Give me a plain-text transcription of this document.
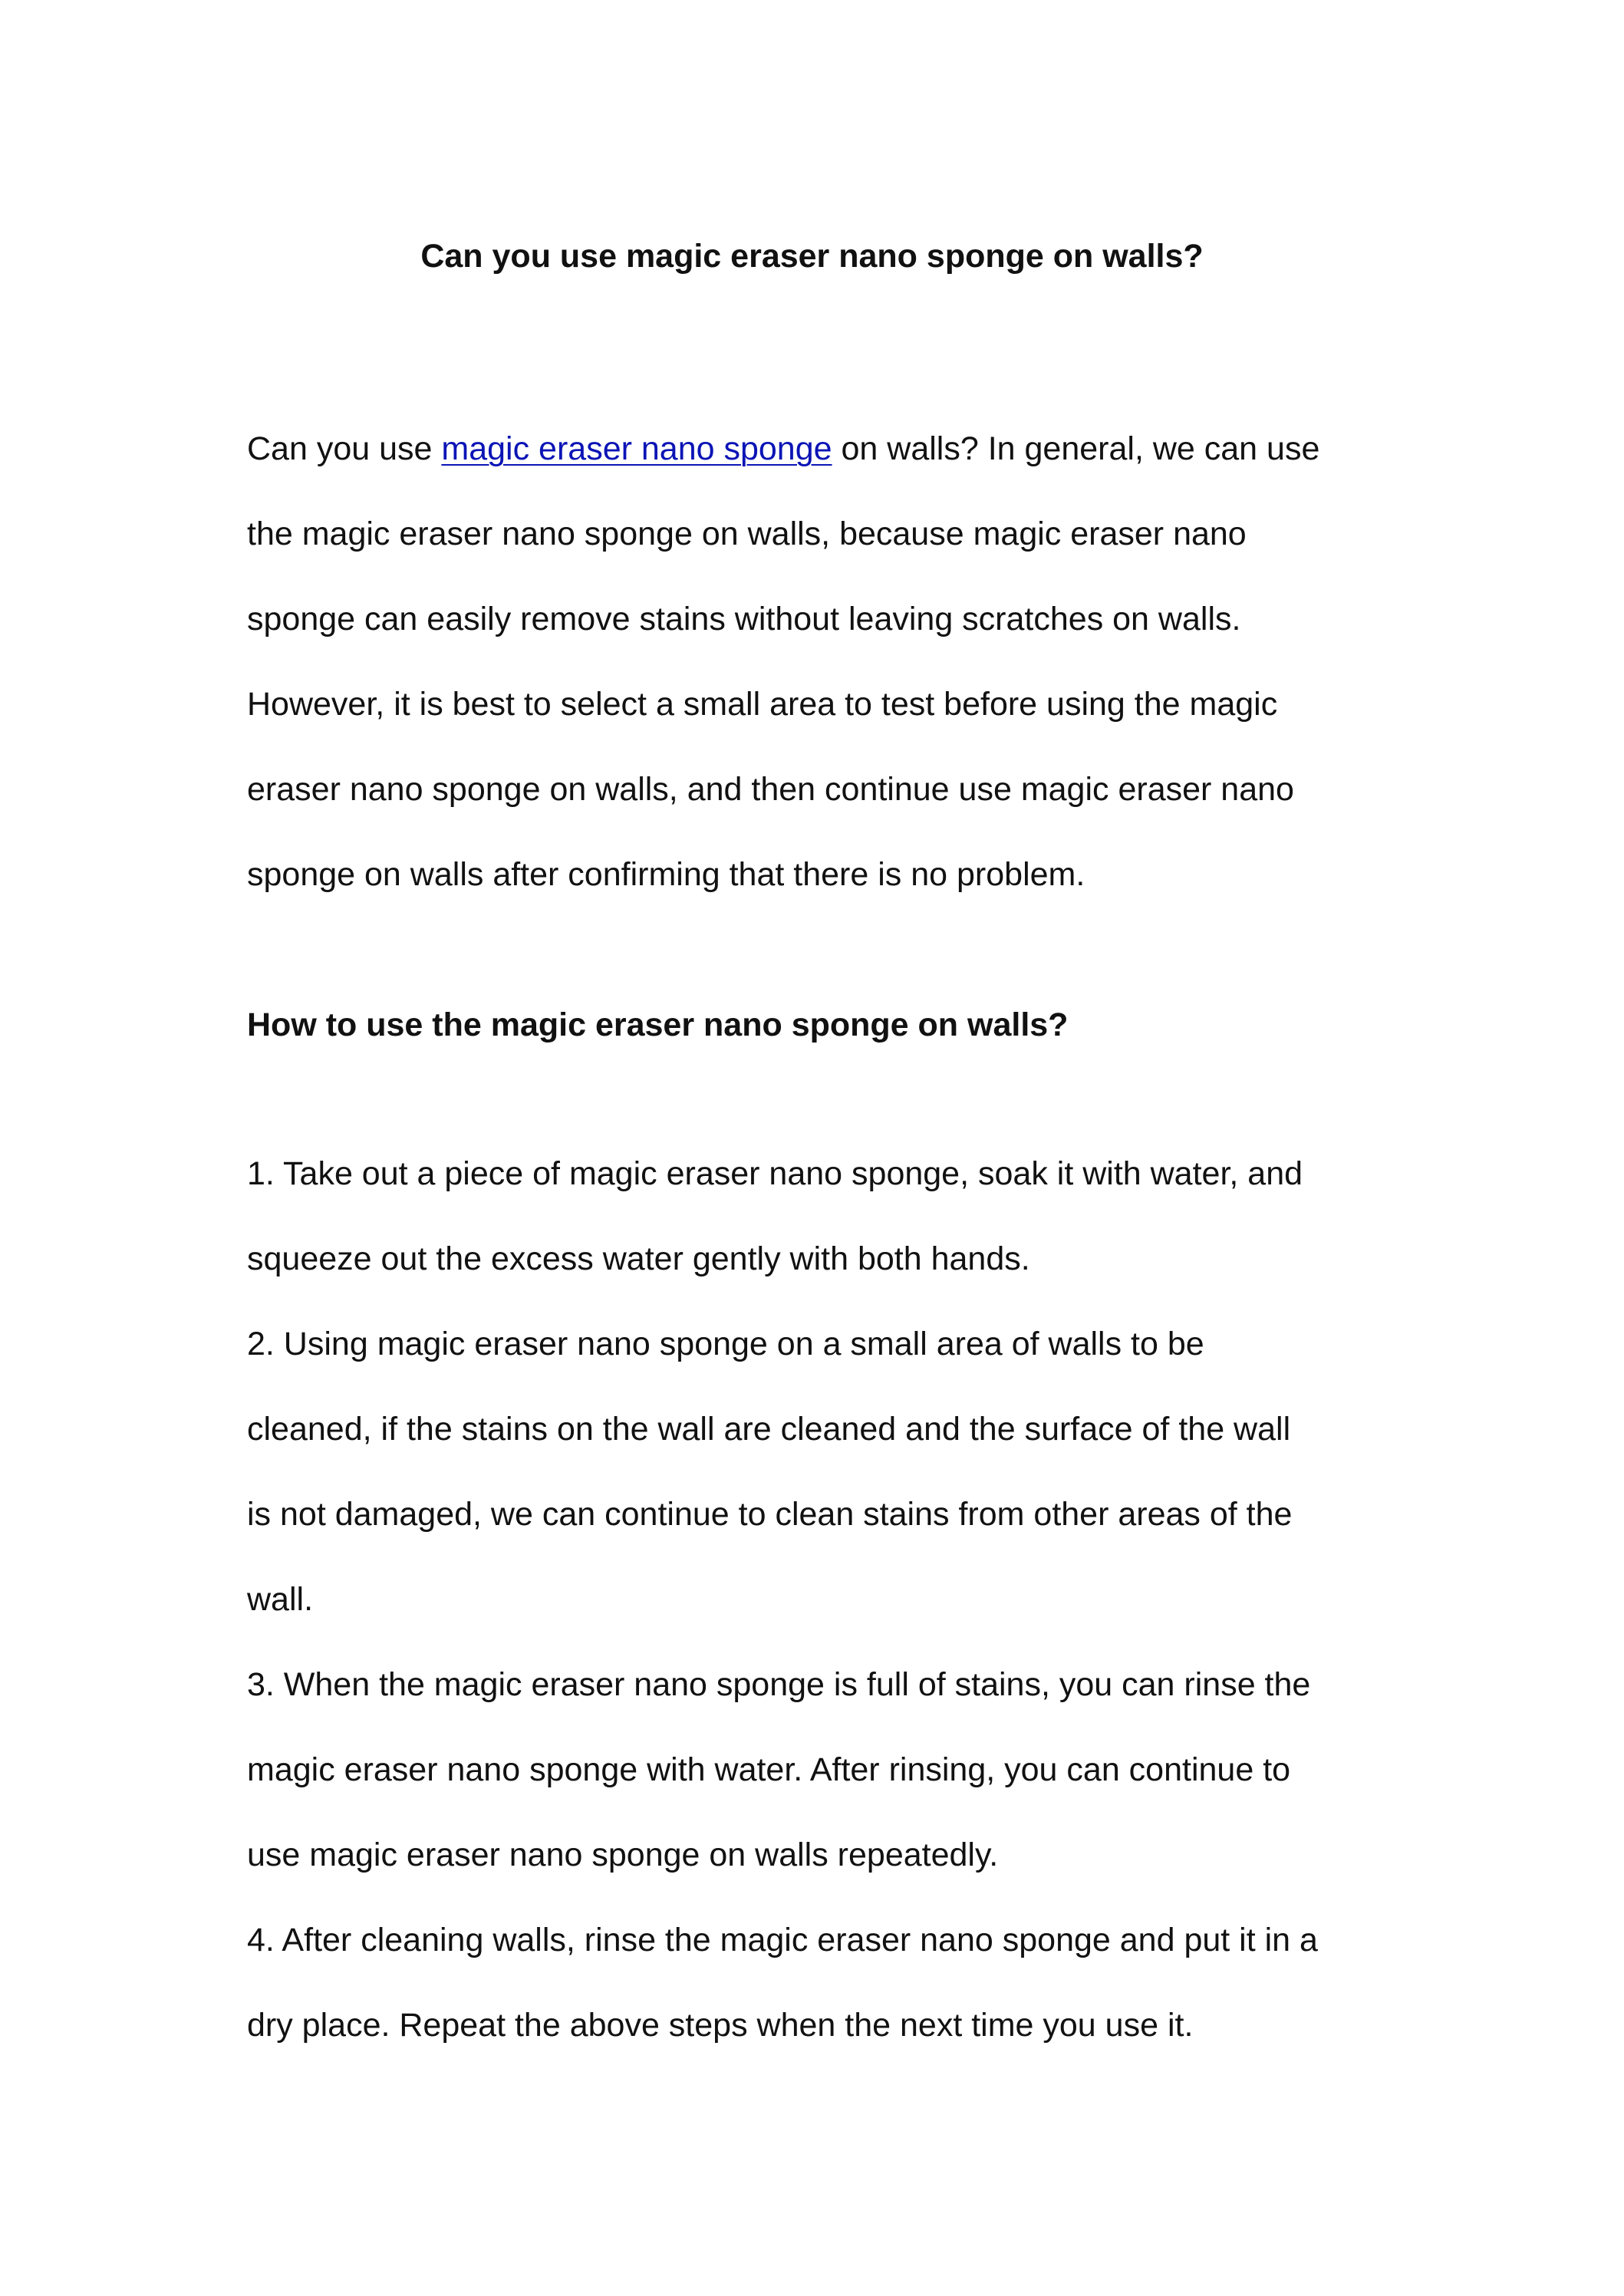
Can you use magic eraser nano sponge on walls?

Can you use magic eraser nano sponge on walls? In general, we can use
the magic eraser nano sponge on walls, because magic eraser nano
sponge can easily remove stains without leaving scratches on walls.
However, it is best to select a small area to test before using the magic
eraser nano sponge on walls, and then continue use magic eraser nano
sponge on walls after confirming that there is no problem.

How to use the magic eraser nano sponge on walls?
1. Take out a piece of magic eraser nano sponge, soak it with water, and
squeeze out the excess water gently with both hands.
2. Using magic eraser nano sponge on a small area of walls to be
cleaned, if the stains on the wall are cleaned and the surface of the wall
is not damaged, we can continue to clean stains from other areas of the
wall.
3. When the magic eraser nano sponge is full of stains, you can rinse the
magic eraser nano sponge with water. After rinsing, you can continue to
use magic eraser nano sponge on walls repeatedly.
4. After cleaning walls, rinse the magic eraser nano sponge and put it in a
dry place. Repeat the above steps when the next time you use it.
